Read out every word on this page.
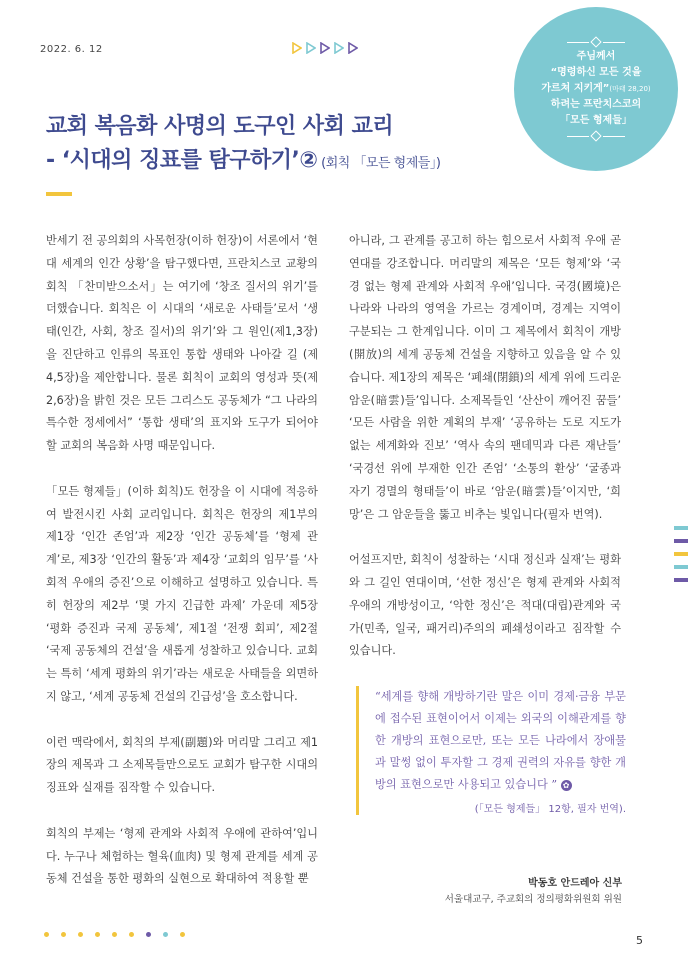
2022. 6. 12
주님께서
“명령하신 모든 것을
가르쳐 지키게”(마태 28,20)
하려는 프란치스코의
「모든 형제들」
교회 복음화 사명의 도구인 사회 교리
- ‘시대의 징표를 탐구하기’② (회칙 「모든 형제들」)

반세기 전 공의회의 사목헌장(이하 헌장)이 서론에서 ‘현대 세계의 인간 상황’을 탐구했다면, 프란치스코 교황의 회칙 「찬미받으소서」는 여기에 ‘창조 질서의 위기’를 더했습니다. 회칙은 이 시대의 ‘새로운 사태들’로서 ‘생태(인간, 사회, 창조 질서)의 위기’와 그 원인(제1,3장)을 진단하고 인류의 목표인 통합 생태와 나아갈 길 (제4,5장)을 제안합니다. 물론 회칙이 교회의 영성과 뜻(제2,6장)을 밝힌 것은 모든 그리스도 공동체가 “그 나라의 특수한 정세에서” ‘통합 생태’의 표지와 도구가 되어야 할 교회의 복음화 사명 때문입니다.

「모든 형제들」(이하 회칙)도 헌장을 이 시대에 적응하여 발전시킨 사회 교리입니다. 회칙은 헌장의 제1부의 제1장 ‘인간 존엄’과 제2장 ‘인간 공동체’를 ‘형제 관계’로, 제3장 ‘인간의 활동’과 제4장 ‘교회의 임무’를 ‘사회적 우애의 증진’으로 이해하고 설명하고 있습니다. 특히 헌장의 제2부 ‘몇 가지 긴급한 과제’ 가운데 제5장 ‘평화 증진과 국제 공동체’, 제1절 ‘전쟁 회피’, 제2절 ‘국제 공동체의 건설’을 새롭게 성찰하고 있습니다. 교회는 특히 ‘세계 평화의 위기’라는 새로운 사태들을 외면하지 않고, ‘세계 공동체 건설의 긴급성’을 호소합니다.

이런 맥락에서, 회칙의 부제(副題)와 머리말 그리고 제1장의 제목과 그 소제목들만으로도 교회가 탐구한 시대의 징표와 실재를 짐작할 수 있습니다.

회칙의 부제는 ‘형제 관계와 사회적 우애에 관하여’입니다. 누구나 체험하는 혈육(血肉) 및 형제 관계를 세계 공동체 건설을 통한 평화의 실현으로 확대하여 적용할 뿐

아니라, 그 관계를 공고히 하는 힘으로서 사회적 우애 곧 연대를 강조합니다. 머리말의 제목은 ‘모든 형제’와 ‘국경 없는 형제 관계와 사회적 우애’입니다. 국경(國境)은 나라와 나라의 영역을 가르는 경계이며, 경계는 지역이 구분되는 그 한계입니다. 이미 그 제목에서 회칙이 개방(開放)의 세계 공동체 건설을 지향하고 있음을 알 수 있습니다. 제1장의 제목은 ‘폐쇄(閉鎖)의 세계 위에 드리운 암운(暗雲)들’입니다. 소제목들인 ‘산산이 깨어진 꿈들’ ‘모든 사람을 위한 계획의 부재’ ‘공유하는 도로 지도가 없는 세계화와 진보’ ‘역사 속의 팬데믹과 다른 재난들’ ‘국경선 위에 부재한 인간 존엄’ ‘소통의 환상’ ‘굴종과 자기 경멸의 형태들’이 바로 ‘암운(暗雲)들’이지만, ‘희망’은 그 암운들을 뚫고 비추는 빛입니다(필자 번역).

어설프지만, 회칙이 성찰하는 ‘시대 정신과 실재’는 평화와 그 길인 연대이며, ‘선한 정신’은 형제 관계와 사회적 우애의 개방성이고, ‘악한 정신’은 적대(대립)관계와 국가(민족, 일국, 패거리)주의의 폐쇄성이라고 짐작할 수 있습니다.

“세계를 향해 개방하기란 말은 이미 경제·금융 부문에 접수된 표현이어서 이제는 외국의 이해관계를 향한 개방의 표현으로만, 또는 모든 나라에서 장애물과 말썽 없이 투자할 그 경제 권력의 자유를 향한 개방의 표현으로만 사용되고 있습니다 ” ✿
(「모든 형제들」 12항, 필자 번역).
박동호 안드레아 신부
서울대교구, 주교회의 정의평화위원회 위원
5
